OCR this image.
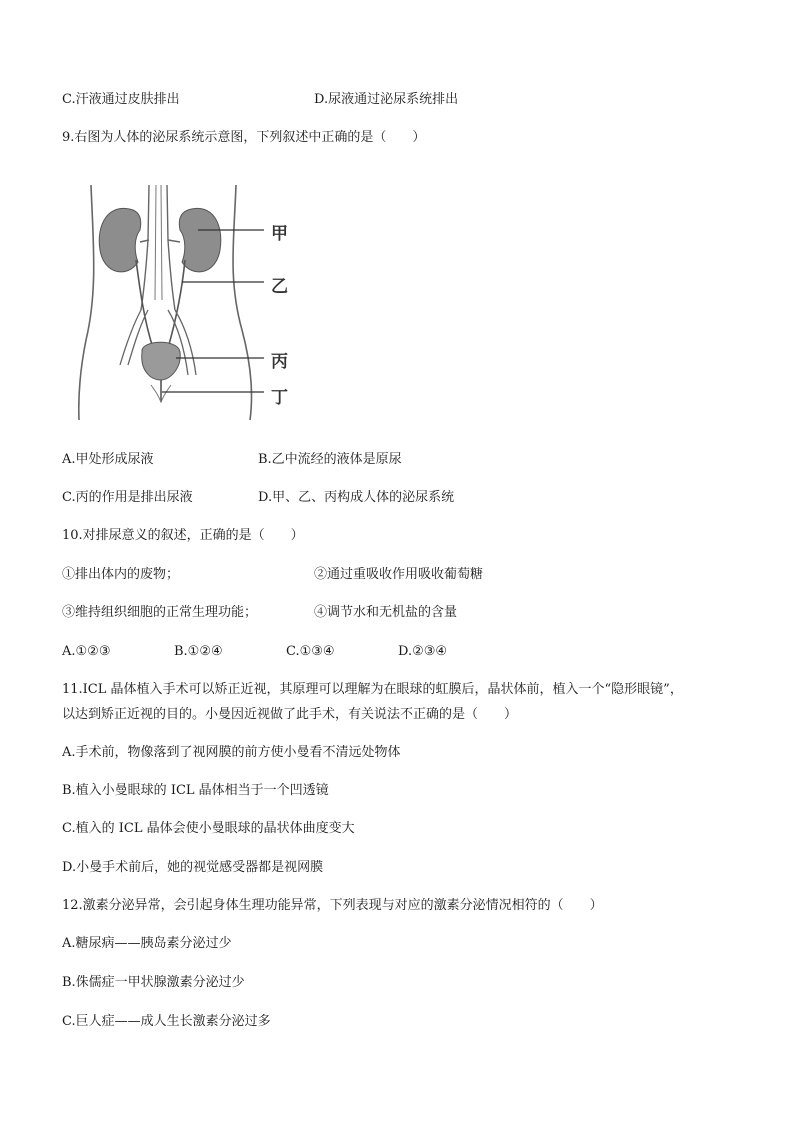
C.汗液通过皮肤排出	D.尿液通过泌尿系统排出
9.右图为人体的泌尿系统示意图，下列叙述中正确的是（　　）
甲
乙
丙
丁
A.甲处形成尿液	B.乙中流经的液体是原尿
C.丙的作用是排出尿液	D.甲、乙、丙构成人体的泌尿系统
10.对排尿意义的叙述，正确的是（　　）
①排出体内的废物；	②通过重吸收作用吸收葡萄糖
③维持组织细胞的正常生理功能；	④调节水和无机盐的含量
A.①②③	B.①②④	C.①③④	D.②③④
11.ICL 晶体植入手术可以矫正近视，其原理可以理解为在眼球的虹膜后，晶状体前，植入一个“隐形眼镜”，
以达到矫正近视的目的。小曼因近视做了此手术，有关说法不正确的是（　　）
A.手术前，物像落到了视网膜的前方使小曼看不清远处物体
B.植入小曼眼球的 ICL 晶体相当于一个凹透镜
C.植入的 ICL 晶体会使小曼眼球的晶状体曲度变大
D.小曼手术前后，她的视觉感受器都是视网膜
12.激素分泌异常，会引起身体生理功能异常，下列表现与对应的激素分泌情况相符的（　　）
A.糖尿病——胰岛素分泌过少
B.侏儒症一甲状腺激素分泌过少
C.巨人症——成人生长激素分泌过多
